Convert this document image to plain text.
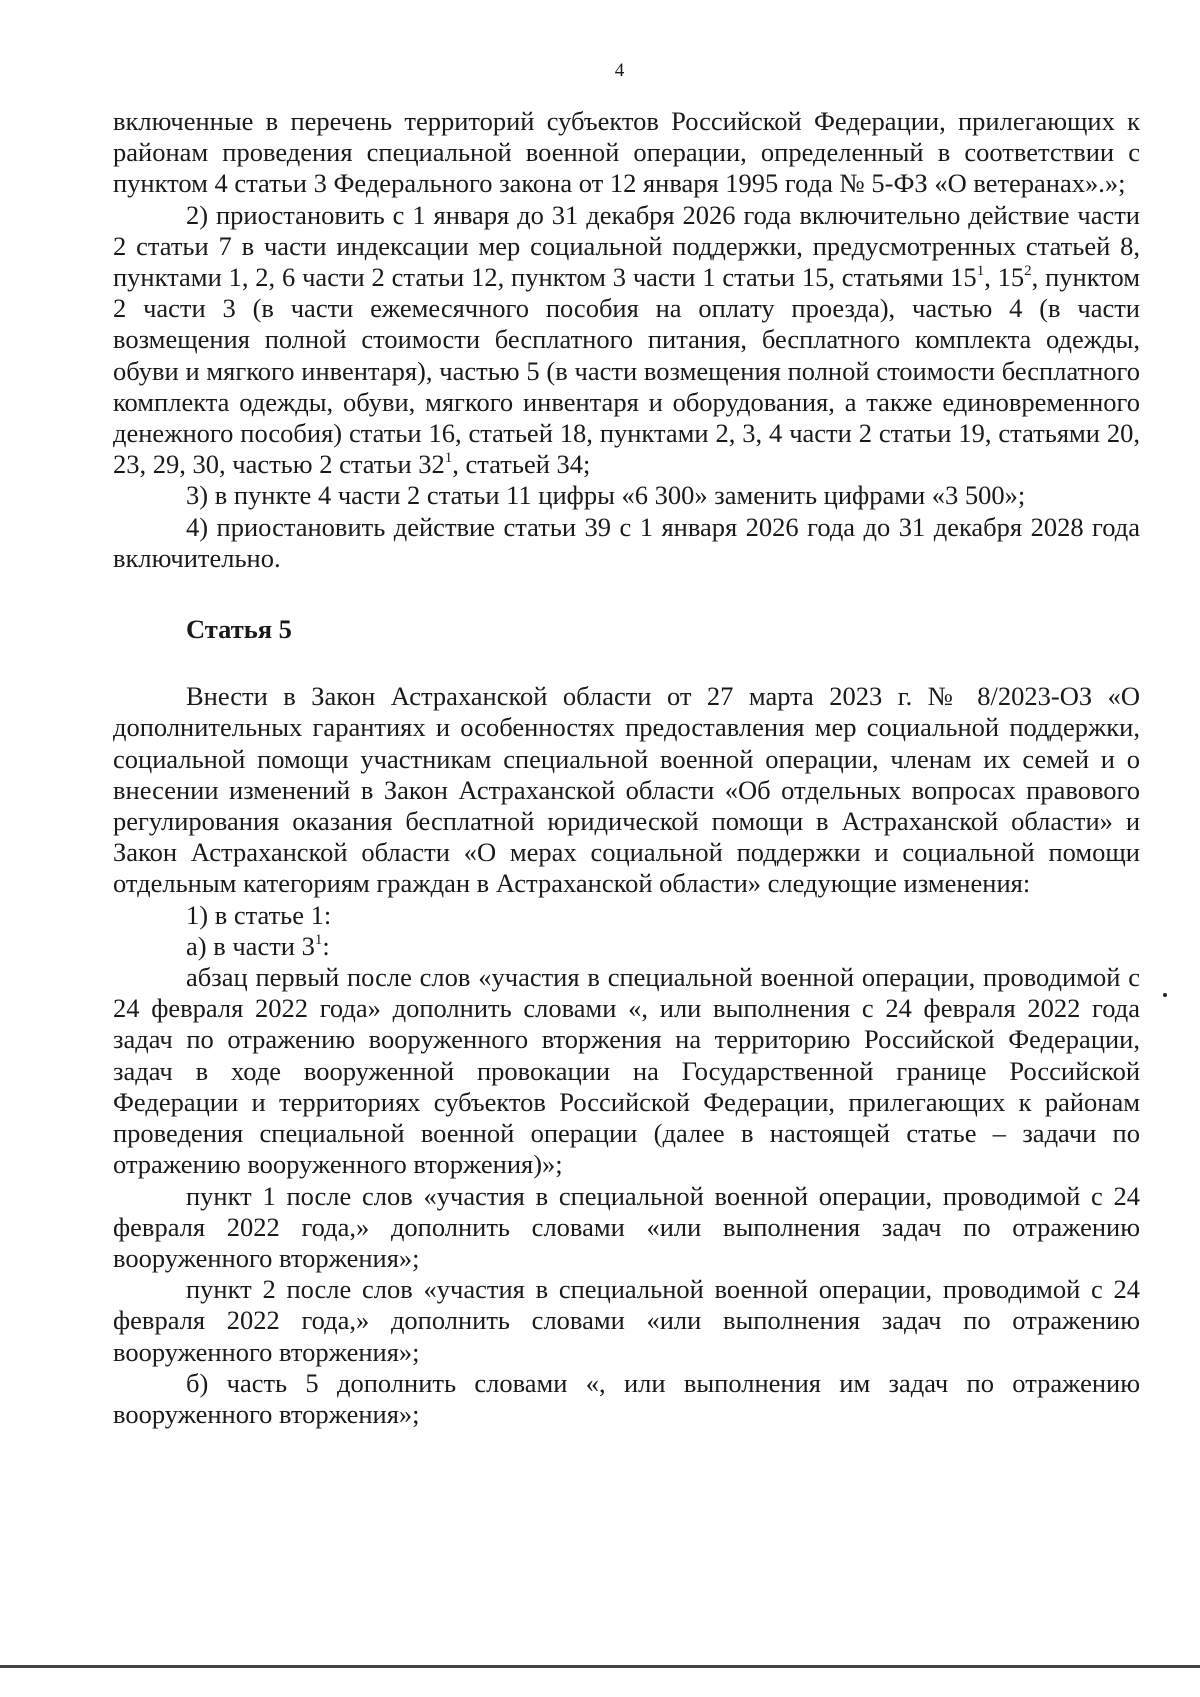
4

включенные в перечень территорий субъектов Российской Федерации, прилегающих к районам проведения специальной военной операции, определенный в соответствии с пунктом 4 статьи 3 Федерального закона от 12 января 1995 года № 5-ФЗ «О ветеранах».»;

2) приостановить с 1 января до 31 декабря 2026 года включительно действие части 2 статьи 7 в части индексации мер социальной поддержки, предусмотренных статьей 8, пунктами 1, 2, 6 части 2 статьи 12, пунктом 3 части 1 статьи 15, статьями $15^1$, $15^2$, пунктом 2 части 3 (в части ежемесячного пособия на оплату проезда), частью 4 (в части возмещения полной стоимости бесплатного питания, бесплатного комплекта одежды, обуви и мягкого инвентаря), частью 5 (в части возмещения полной стоимости бесплатного комплекта одежды, обуви, мягкого инвентаря и оборудования, а также единовременного денежного пособия) статьи 16, статьей 18, пунктами 2, 3, 4 части 2 статьи 19, статьями 20, 23, 29, 30, частью 2 статьи $32^1$, статьей 34;

3) в пункте 4 части 2 статьи 11 цифры «6 300» заменить цифрами «3 500»;

4) приостановить действие статьи 39 с 1 января 2026 года до 31 декабря 2028 года включительно.

Статья 5

Внести в Закон Астраханской области от 27 марта 2023 г. № 8/2023-ОЗ «О дополнительных гарантиях и особенностях предоставления мер социальной поддержки, социальной помощи участникам специальной военной операции, членам их семей и о внесении изменений в Закон Астраханской области «Об отдельных вопросах правового регулирования оказания бесплатной юридической помощи в Астраханской области» и Закон Астраханской области «О мерах социальной поддержки и социальной помощи отдельным категориям граждан в Астраханской области» следующие изменения:

1) в статье 1:

а) в части $3^1$:

абзац первый после слов «участия в специальной военной операции, проводимой с 24 февраля 2022 года» дополнить словами «, или выполнения с 24 февраля 2022 года задач по отражению вооруженного вторжения на территорию Российской Федерации, задач в ходе вооруженной провокации на Государственной границе Российской Федерации и территориях субъектов Российской Федерации, прилегающих к районам проведения специальной военной операции (далее в настоящей статье – задачи по отражению вооруженного вторжения)»;

пункт 1 после слов «участия в специальной военной операции, проводимой с 24 февраля 2022 года,» дополнить словами «или выполнения задач по отражению вооруженного вторжения»;

пункт 2 после слов «участия в специальной военной операции, проводимой с 24 февраля 2022 года,» дополнить словами «или выполнения задач по отражению вооруженного вторжения»;

б) часть 5 дополнить словами «, или выполнения им задач по отражению вооруженного вторжения»;
